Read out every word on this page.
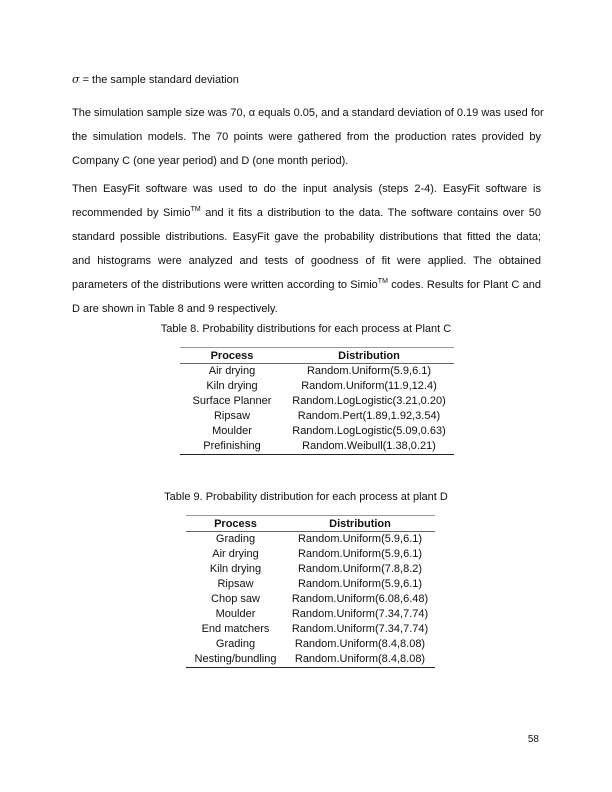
σ = the sample standard deviation
The simulation sample size was 70, α equals 0.05, and a standard deviation of 0.19 was used for
the simulation models. The 70 points were gathered from the production rates provided by
Company C (one year period) and D (one month period).
Then EasyFit software was used to do the input analysis (steps 2-4). EasyFit software is
recommended by Simio™ and it fits a distribution to the data. The software contains over 50
standard possible distributions. EasyFit gave the probability distributions that fitted the data;
and histograms were analyzed and tests of goodness of fit were applied. The obtained
parameters of the distributions were written according to Simio™ codes. Results for Plant C and
D are shown in Table 8 and 9 respectively.
Table 8. Probability distributions for each process at Plant C
Process	Distribution
Air drying	Random.Uniform(5.9,6.1)
Kiln drying	Random.Uniform(11.9,12.4)
Surface Planner	Random.LogLogistic(3.21,0.20)
Ripsaw	Random.Pert(1.89,1.92,3.54)
Moulder	Random.LogLogistic(5.09,0.63)
Prefinishing	Random.Weibull(1.38,0.21)
Table 9. Probability distribution for each process at plant D
Process	Distribution
Grading	Random.Uniform(5.9,6.1)
Air drying	Random.Uniform(5.9,6.1)
Kiln drying	Random.Uniform(7.8,8.2)
Ripsaw	Random.Uniform(5.9,6.1)
Chop saw	Random.Uniform(6.08,6.48)
Moulder	Random.Uniform(7.34,7.74)
End matchers	Random.Uniform(7.34,7.74)
Grading	Random.Uniform(8.4,8.08)
Nesting/bundling	Random.Uniform(8.4,8.08)
58
